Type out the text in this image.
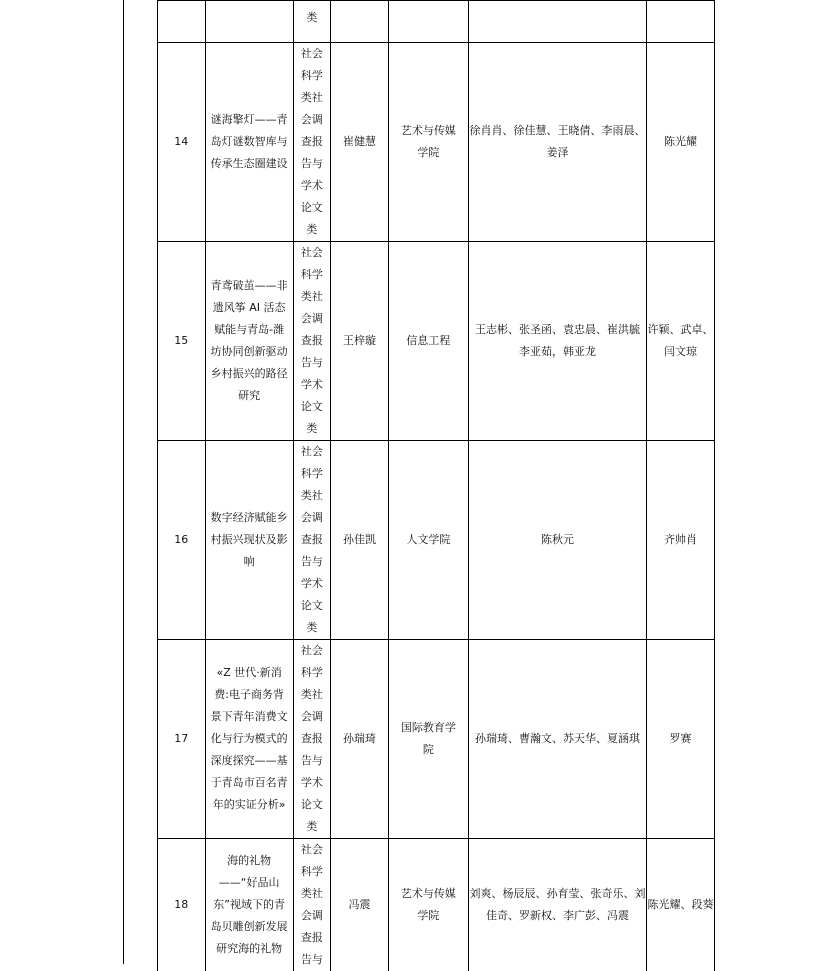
		类				

14	谜海擎灯——青岛灯谜数智库与传承生态圈建设	社会科学类社会调查报告与学术论文类	崔健慧	艺术与传媒学院	徐肖肖、徐佳慧、王晓倩、李雨晨、姜泽	陈光耀

15	青鸢破茧——非遗风筝 AI 活态赋能与青岛-潍坊协同创新驱动乡村振兴的路径研究	社会科学类社会调查报告与学术论文类	王梓璇	信息工程	王志彬、张圣函、袁忠晨、崔洪毓 李亚茹，韩亚龙	许颖、武卓、闫文琼

16	数字经济赋能乡村振兴现状及影响	社会科学类社会调查报告与学术论文类	孙佳凯	人文学院	陈秋元	齐帅肖

17	«Z 世代·新消费:电子商务背景下青年消费文化与行为模式的深度探究——基于青岛市百名青年的实证分析»	社会科学类社会调查报告与学术论文类	孙瑞琦	国际教育学院	孙瑞琦、曹瀚文、苏天华、夏涵琪	罗赛

18	海的礼物——“好品山东”视域下的青岛贝雕创新发展研究海的礼物	社会科学类社会调查报告与	冯震	艺术与传媒学院	刘爽、杨辰辰、孙育莹、张奇乐、刘佳奇、罗新权、李广彭、冯震	陈光耀、段葵
